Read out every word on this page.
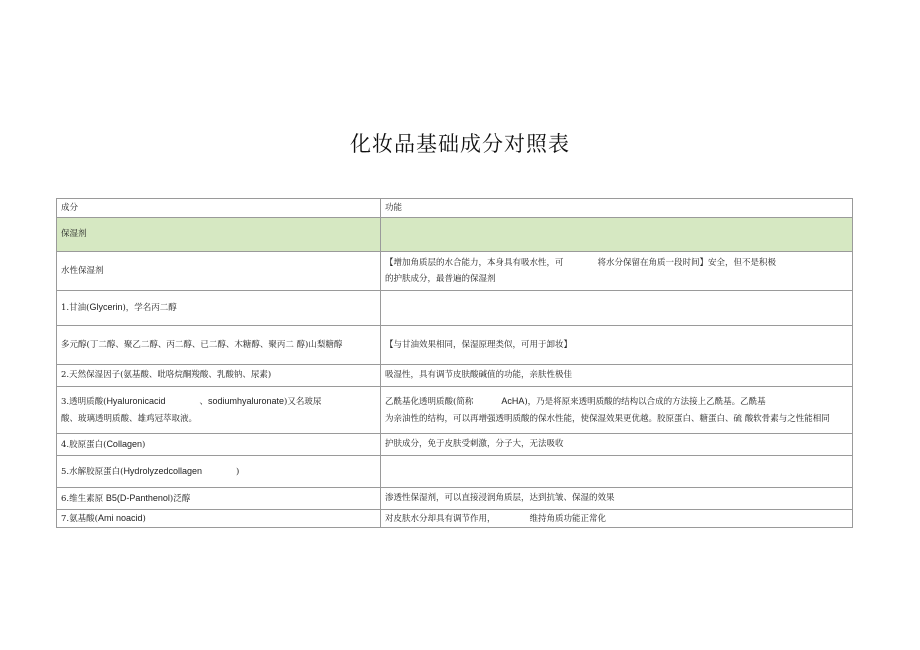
化妆品基础成分对照表
成分	功能
保湿剂	
水性保湿剂	【增加角质层的水合能力，本身具有吸水性，可 将水分保留在角质一段时间】安全，但不是积极
的护肤成分，最普遍的保湿剂
1.甘油(Glycerin)，学名丙二醇	
多元醇(丁二醇、聚乙二醇、丙二醇、已二醇、木糖醇、聚丙二 醇)山梨糖醇	【与甘油效果相同，保湿原理类似，可用于卸妆】
2.天然保湿因子(氨基酸、吡咯烷酮羧酸、乳酸钠、尿素)	吸湿性，具有调节皮肤酸碱值的功能，亲肤性极佳
3.透明质酸(Hyaluronicacid 、sodiumhyaluronate)又名玻尿
酸、玻璃透明质酸、雄鸡冠萃取液。	乙酰基化透明质酸(简称 AcHA)，乃是将原来透明质酸的结构以合成的方法接上乙酰基。乙酰基
为亲油性的结构，可以再增强透明质酸的保水性能，使保湿效果更优越。胶原蛋白、糖蛋白、硫 酸软骨素与之性能相同
4.胶原蛋白(Collagen)	护肤成分，免于皮肤受刺激，分子大，无法吸收
5.水解胶原蛋白(Hydrolyzedcollagen )	
6.维生素原 B5(D-Panthenol)泛醇	渗透性保湿剂，可以直接浸润角质层，达到抗皱、保湿的效果
7.氨基酸(Ami noacid)	对皮肤水分却具有调节作用， 维持角质功能正常化
